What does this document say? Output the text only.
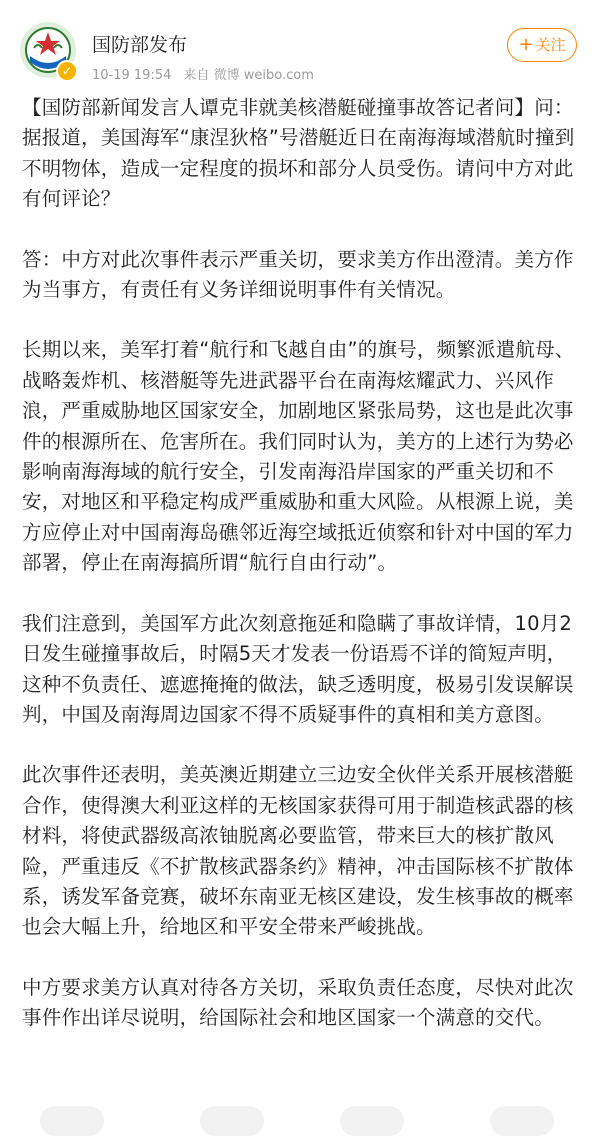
✓
国防部发布
10-19 19:54 来自 微博 weibo.com
+ 关注

【国防部新闻发言人谭克非就美核潜艇碰撞事故答记者问】问：据报道，美国海军“康涅狄格”号潜艇近日在南海海域潜航时撞到不明物体，造成一定程度的损坏和部分人员受伤。请问中方对此有何评论？

答：中方对此次事件表示严重关切，要求美方作出澄清。美方作为当事方，有责任有义务详细说明事件有关情况。

长期以来，美军打着“航行和飞越自由”的旗号，频繁派遣航母、战略轰炸机、核潜艇等先进武器平台在南海炫耀武力、兴风作浪，严重威胁地区国家安全，加剧地区紧张局势，这也是此次事件的根源所在、危害所在。我们同时认为，美方的上述行为势必影响南海海域的航行安全，引发南海沿岸国家的严重关切和不安，对地区和平稳定构成严重威胁和重大风险。从根源上说，美方应停止对中国南海岛礁邻近海空域抵近侦察和针对中国的军力部署，停止在南海搞所谓“航行自由行动”。

我们注意到，美国军方此次刻意拖延和隐瞒了事故详情，10月2日发生碰撞事故后，时隔5天才发表一份语焉不详的简短声明，这种不负责任、遮遮掩掩的做法，缺乏透明度，极易引发误解误判，中国及南海周边国家不得不质疑事件的真相和美方意图。

此次事件还表明，美英澳近期建立三边安全伙伴关系开展核潜艇合作，使得澳大利亚这样的无核国家获得可用于制造核武器的核材料，将使武器级高浓铀脱离必要监管，带来巨大的核扩散风险，严重违反《不扩散核武器条约》精神，冲击国际核不扩散体系，诱发军备竞赛，破坏东南亚无核区建设，发生核事故的概率也会大幅上升，给地区和平安全带来严峻挑战。

中方要求美方认真对待各方关切，采取负责任态度，尽快对此次事件作出详尽说明，给国际社会和地区国家一个满意的交代。
